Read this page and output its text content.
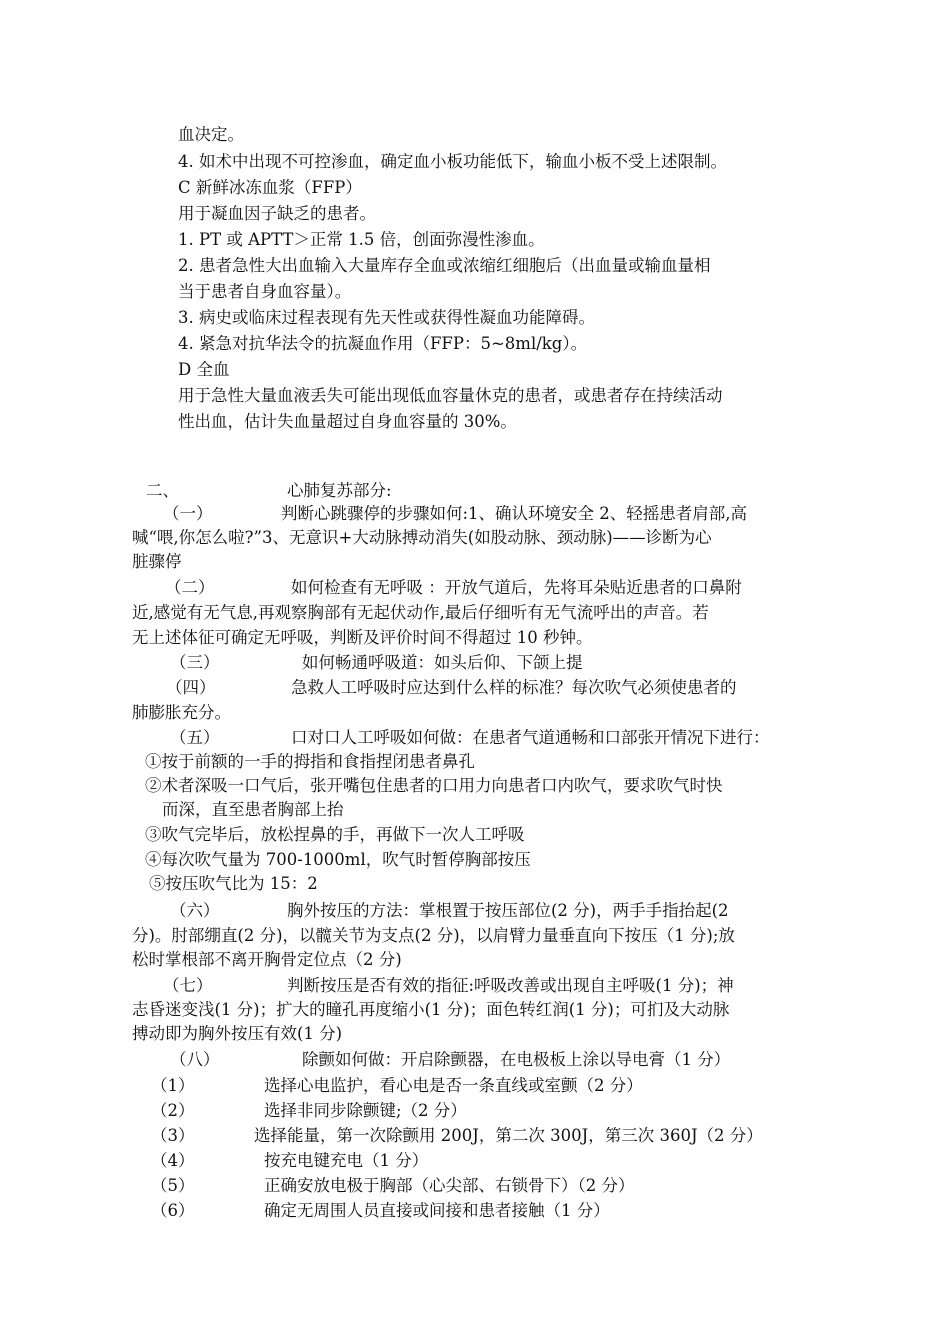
血决定。
4. 如术中出现不可控渗血，确定血小板功能低下，输血小板不受上述限制。
C 新鲜冰冻血浆（FFP）
用于凝血因子缺乏的患者。
1. PT 或 APTT＞正常 1.5 倍，创面弥漫性渗血。
2. 患者急性大出血输入大量库存全血或浓缩红细胞后（出血量或输血量相
当于患者自身血容量）。
3. 病史或临床过程表现有先天性或获得性凝血功能障碍。
4. 紧急对抗华法令的抗凝血作用（FFP：5~8ml/kg）。
D 全血
用于急性大量血液丢失可能出现低血容量休克的患者，或患者存在持续活动
性出血，估计失血量超过自身血容量的 30%。
二、	心肺复苏部分:
（一）	判断心跳骤停的步骤如何:1、确认环境安全 2、轻摇患者肩部,高
喊“喂,你怎么啦?”3、无意识+大动脉搏动消失(如股动脉、颈动脉)——诊断为心
脏骤停
（二）	如何检查有无呼吸 ：开放气道后，先将耳朵贴近患者的口鼻附
近,感觉有无气息,再观察胸部有无起伏动作,最后仔细听有无气流呼出的声音。若
无上述体征可确定无呼吸，判断及评价时间不得超过 10 秒钟。
（三）	如何畅通呼吸道：如头后仰、下颌上提
（四）	急救人工呼吸时应达到什么样的标准？每次吹气必须使患者的
肺膨胀充分。
（五）	口对口人工呼吸如何做：在患者气道通畅和口部张开情况下进行：
①按于前额的一手的拇指和食指捏闭患者鼻孔
②术者深吸一口气后，张开嘴包住患者的口用力向患者口内吹气，要求吹气时快
而深，直至患者胸部上抬
③吹气完毕后，放松捏鼻的手，再做下一次人工呼吸
④每次吹气量为 700-1000ml，吹气时暂停胸部按压
⑤按压吹气比为 15：2
（六）	胸外按压的方法：掌根置于按压部位(2 分)，两手手指抬起(2
分)。肘部绷直(2 分)，以髋关节为支点(2 分)，以肩臂力量垂直向下按压（1 分);放
松时掌根部不离开胸骨定位点（2 分)
（七）	判断按压是否有效的指征:呼吸改善或出现自主呼吸(1 分)；神
志昏迷变浅(1 分)；扩大的瞳孔再度缩小(1 分)；面色转红润(1 分)；可扪及大动脉
搏动即为胸外按压有效(1 分)
（八）	除颤如何做：开启除颤器，在电极板上涂以导电膏（1 分）
（1）	选择心电监护，看心电是否一条直线或室颤（2 分）
（2）	选择非同步除颤键;（2 分）
（3）	选择能量，第一次除颤用 200J，第二次 300J，第三次 360J（2 分）
（4）	按充电键充电（1 分）
（5）	正确安放电极于胸部（心尖部、右锁骨下）（2 分）
（6）	确定无周围人员直接或间接和患者接触（1 分）
